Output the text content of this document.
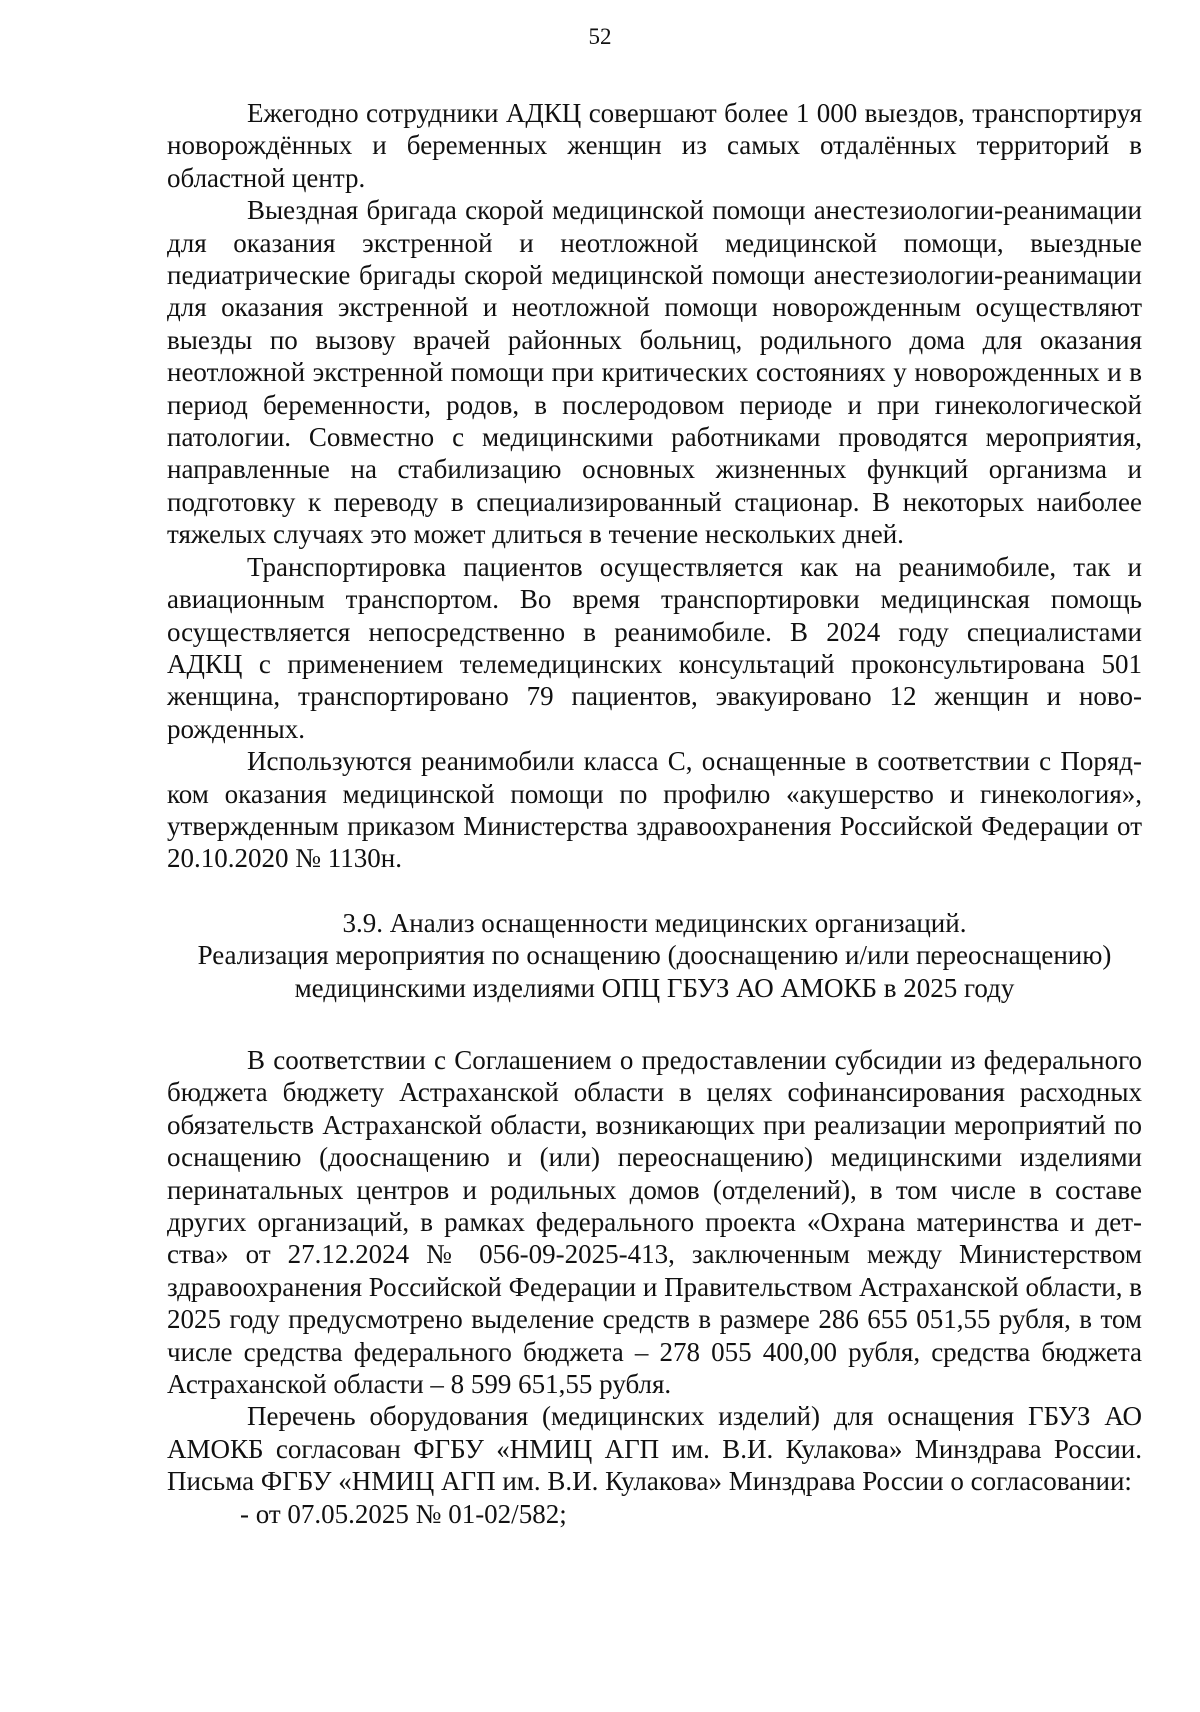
52

Ежегодно сотрудники АДКЦ совершают более 1 000 выездов, транспортируя новорождённых и беременных женщин из самых отдалённых территорий в областной центр.

Выездная бригада скорой медицинской помощи анестезиологии-реанимации для оказания экстренной и неотложной медицинской помощи, выездные педиатрические бригады скорой медицинской помощи анестезиологии-реанимации для оказания экстренной и неотложной помощи новорожденным осуществляют выезды по вызову врачей районных больниц, родильного дома для оказания неотложной экстренной помощи при критических состояниях у новорожденных и в период беременности, родов, в послеродовом периоде и при гинекологической патологии. Совместно с медицинскими работниками проводятся мероприятия, направленные на стабилизацию основных жизненных функций организма и подготовку к переводу в специализированный стационар. В некоторых наиболее тяжелых случаях это может длиться в течение нескольких дней.

Транспортировка пациентов осуществляется как на реанимобиле, так и авиационным транспортом. Во время транспортировки медицинская помощь осуществляется непосредственно в реанимобиле. В 2024 году специалистами АДКЦ с применением телемедицинских консультаций проконсультирована 501 женщина, транспортировано 79 пациентов, эвакуировано 12 женщин и новорожденных.

Используются реанимобили класса С, оснащенные в соответствии с Порядком оказания медицинской помощи по профилю «акушерство и гинекология», утвержденным приказом Министерства здравоохранения Российской Федерации от 20.10.2020 № 1130н.

3.9. Анализ оснащенности медицинских организаций.
Реализация мероприятия по оснащению (дооснащению и/или переоснащению) медицинскими изделиями ОПЦ ГБУЗ АО АМОКБ в 2025 году

В соответствии с Соглашением о предоставлении субсидии из федерального бюджета бюджету Астраханской области в целях софинансирования расходных обязательств Астраханской области, возникающих при реализации мероприятий по оснащению (дооснащению и (или) переоснащению) медицинскими изделиями перинатальных центров и родильных домов (отделений), в том числе в составе других организаций, в рамках федерального проекта «Охрана материнства и детства» от 27.12.2024 № 056-09-2025-413, заключенным между Министерством здравоохранения Российской Федерации и Правительством Астраханской области, в 2025 году предусмотрено выделение средств в размере 286 655 051,55 рубля, в том числе средства федерального бюджета – 278 055 400,00 рубля, средства бюджета Астраханской области – 8 599 651,55 рубля.

Перечень оборудования (медицинских изделий) для оснащения ГБУЗ АО АМОКБ согласован ФГБУ «НМИЦ АГП им. В.И. Кулакова» Минздрава России. Письма ФГБУ «НМИЦ АГП им. В.И. Кулакова» Минздрава России о согласовании:

- от 07.05.2025 № 01-02/582;
